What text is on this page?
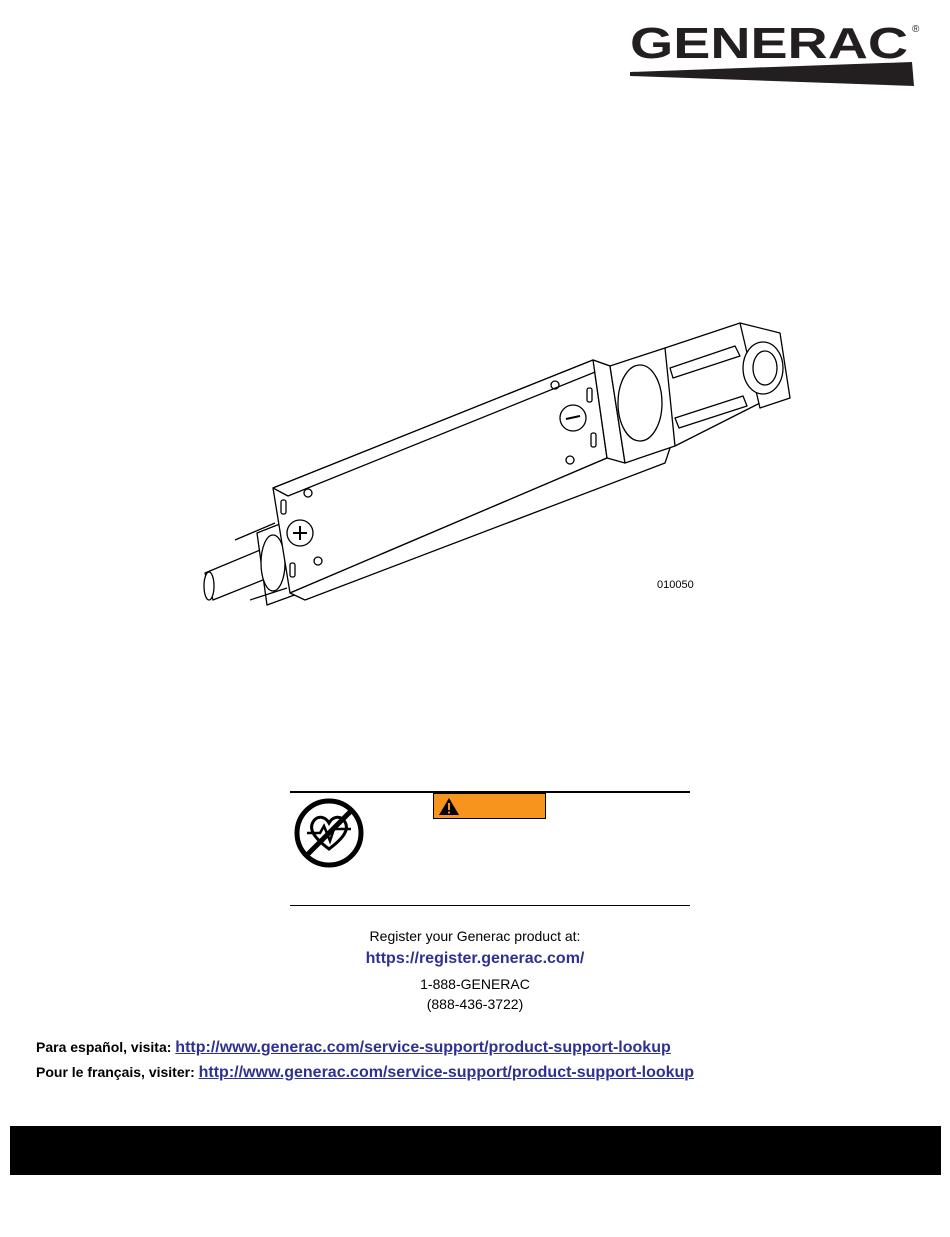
GENERAC ®
010050
Register your Generac product at:
https://register.generac.com/
1-888-GENERAC
(888-436-3722)
Para español, visita: http://www.generac.com/service-support/product-support-lookup
Pour le français, visiter: http://www.generac.com/service-support/product-support-lookup
